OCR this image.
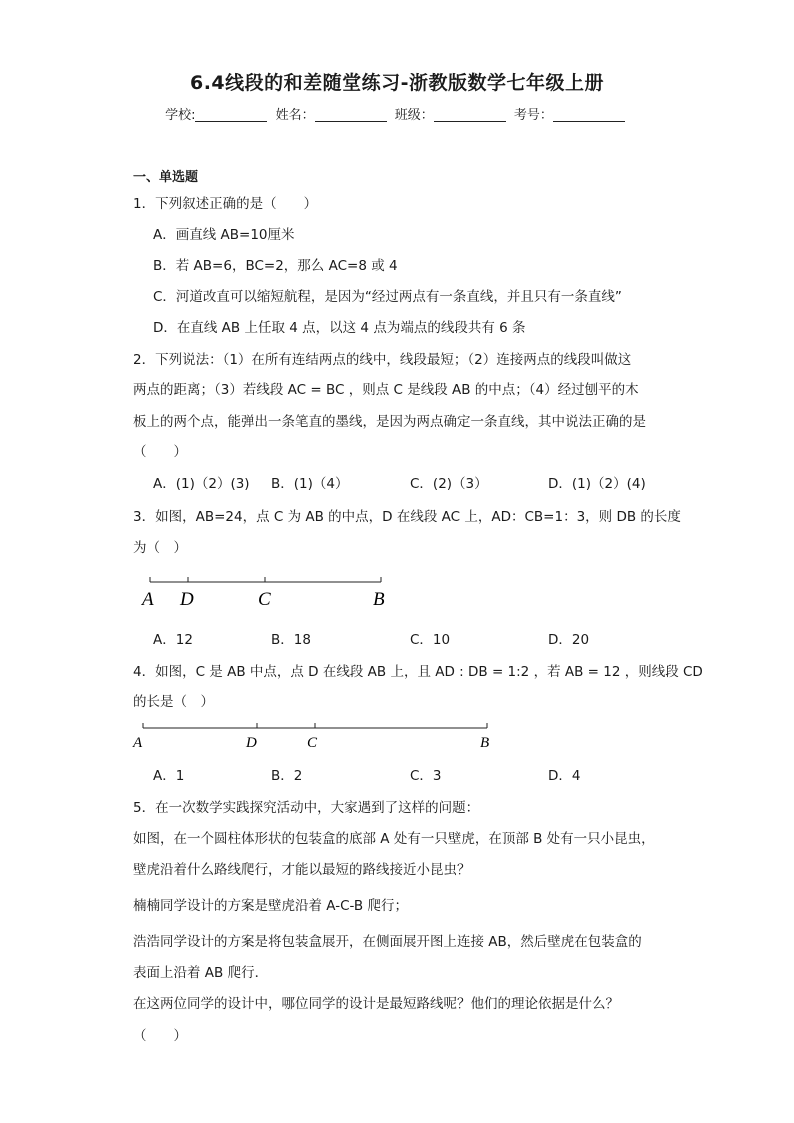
6.4线段的和差随堂练习-浙教版数学七年级上册
学校:	姓名：	班级：	考号：
一、单选题
1．下列叙述正确的是（　　）
A．画直线 AB=10厘米
B．若 AB=6，BC=2，那么 AC=8 或 4
C．河道改直可以缩短航程，是因为“经过两点有一条直线，并且只有一条直线”
D．在直线 AB 上任取 4 点，以这 4 点为端点的线段共有 6 条
2．下列说法：（1）在所有连结两点的线中，线段最短；（2）连接两点的线段叫做这
两点的距离；（3）若线段 AC = BC ，则点 C 是线段 AB 的中点；（4）经过刨平的木
板上的两个点，能弹出一条笔直的墨线，是因为两点确定一条直线，其中说法正确的是
（　　）
A．(1)（2）(3) B．(1)（4）	C．(2)（3）	D．(1)（2）(4)
3．如图，AB=24，点 C 为 AB 的中点，D 在线段 AC 上，AD：CB=1：3，则 DB 的长度
为（　）
A D	C	B
A．12	B．18	C．10	D．20
4．如图，C 是 AB 中点，点 D 在线段 AB 上，且 AD : DB = 1:2 ，若 AB = 12 ，则线段 CD
的长是（　）
A	D	C	B
A．1	B．2	C．3	D．4
5．在一次数学实践探究活动中，大家遇到了这样的问题：
如图，在一个圆柱体形状的包装盒的底部 A 处有一只壁虎，在顶部 B 处有一只小昆虫，
壁虎沿着什么路线爬行，才能以最短的路线接近小昆虫？
楠楠同学设计的方案是壁虎沿着 A-C-B 爬行；
浩浩同学设计的方案是将包装盒展开，在侧面展开图上连接 AB，然后壁虎在包装盒的
表面上沿着 AB 爬行．
在这两位同学的设计中，哪位同学的设计是最短路线呢？他们的理论依据是什么？
（　　）
